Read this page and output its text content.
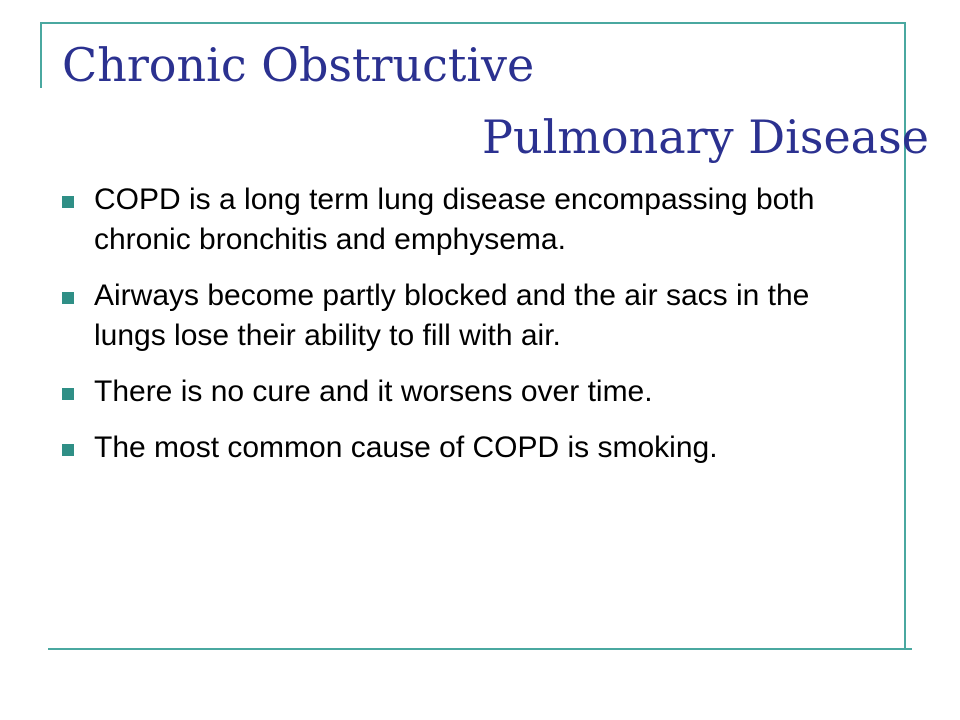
Chronic Obstructive
Pulmonary Disease
COPD is a long term lung disease encompassing both chronic bronchitis and emphysema.
Airways become partly blocked and the air sacs in the lungs lose their ability to fill with air.
There is no cure and it worsens over time.
The most common cause of COPD is smoking.
